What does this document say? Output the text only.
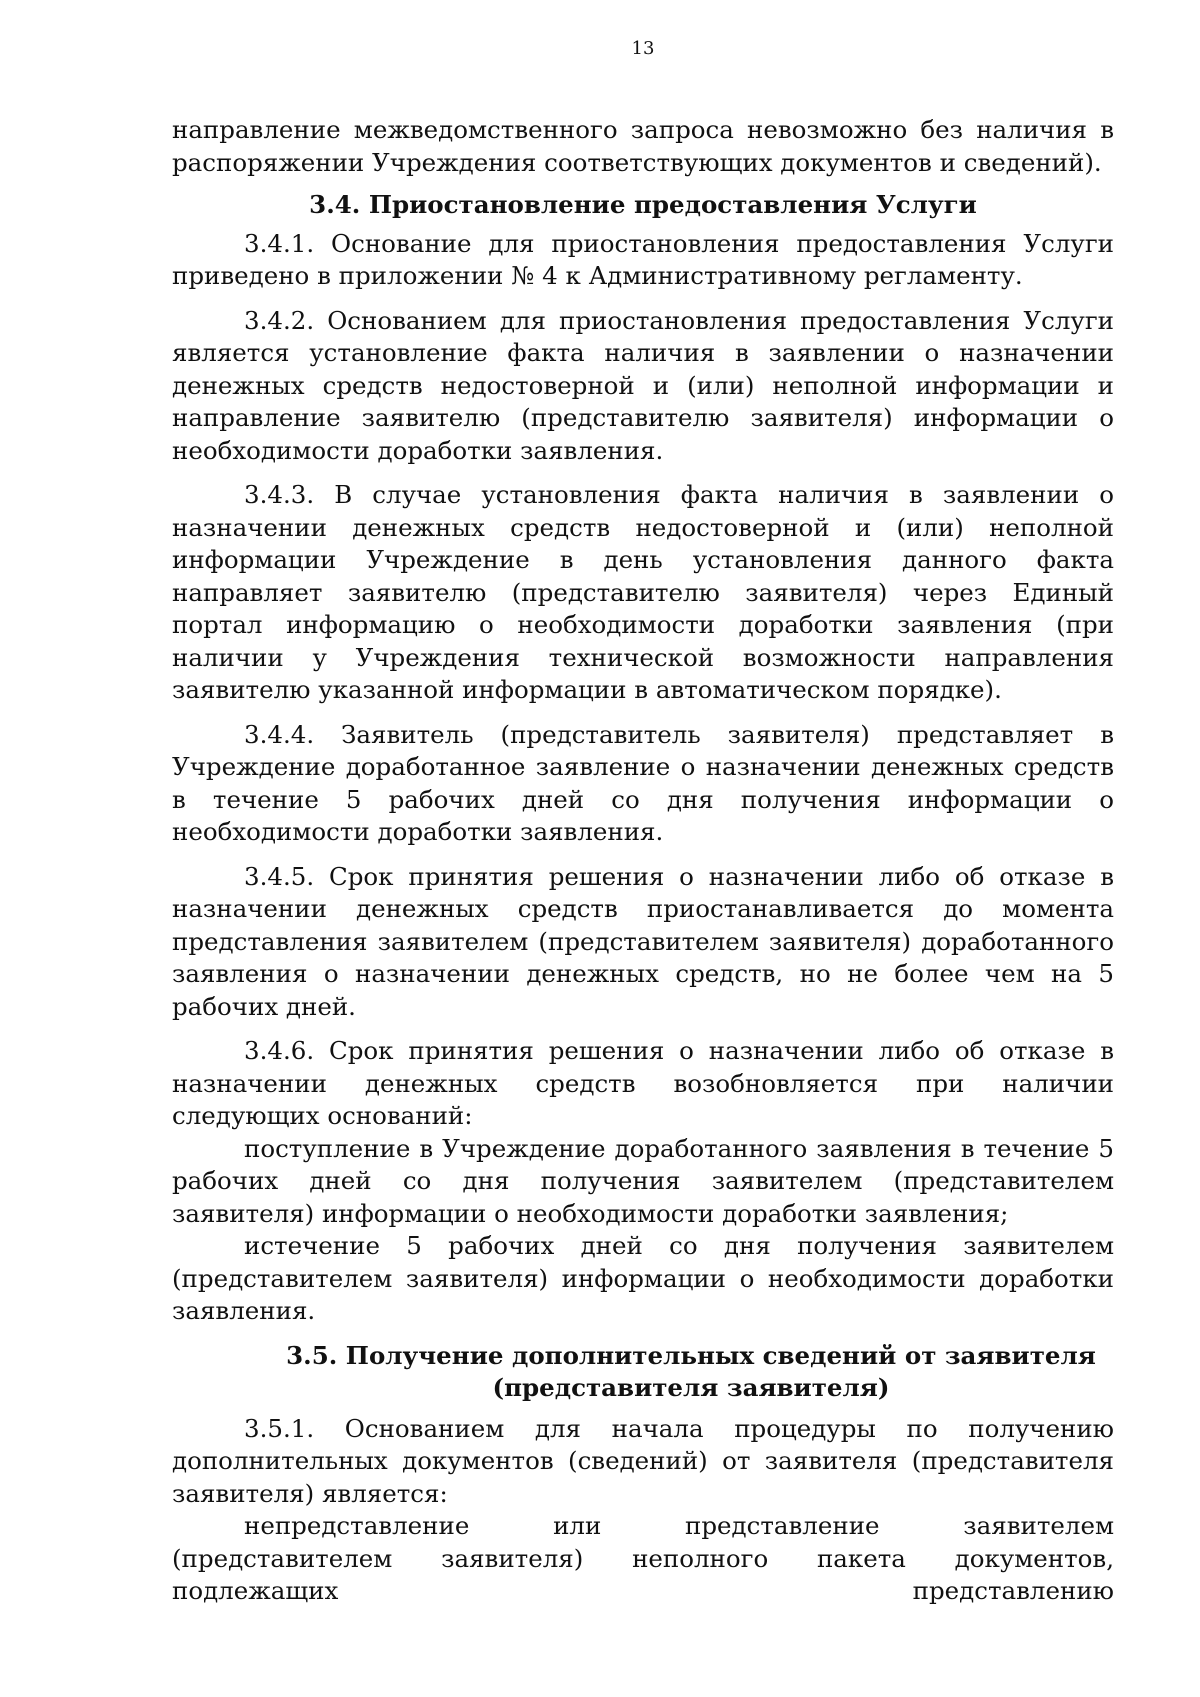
13

направление межведомственного запроса невозможно без наличия в распоряжении Учреждения соответствующих документов и сведений).

3.4. Приостановление предоставления Услуги

3.4.1. Основание для приостановления предоставления Услуги приведено в приложении № 4 к Административному регламенту.

3.4.2. Основанием для приостановления предоставления Услуги является установление факта наличия в заявлении о назначении денежных средств недостоверной и (или) неполной информации и направление заявителю (представителю заявителя) информации о необходимости доработки заявления.

3.4.3. В случае установления факта наличия в заявлении о назначении денежных средств недостоверной и (или) неполной информации Учреждение в день установления данного факта направляет заявителю (представителю заявителя) через Единый портал информацию о необходимости доработки заявления (при наличии у Учреждения технической возможности направления заявителю указанной информации в автоматическом порядке).

3.4.4. Заявитель (представитель заявителя) представляет в Учреждение доработанное заявление о назначении денежных средств в течение 5 рабочих дней со дня получения информации о необходимости доработки заявления.

3.4.5. Срок принятия решения о назначении либо об отказе в назначении денежных средств приостанавливается до момента представления заявителем (представителем заявителя) доработанного заявления о назначении денежных средств, но не более чем на 5 рабочих дней.

3.4.6. Срок принятия решения о назначении либо об отказе в назначении денежных средств возобновляется при наличии следующих оснований:

поступление в Учреждение доработанного заявления в течение 5 рабочих дней со дня получения заявителем (представителем заявителя) информации о необходимости доработки заявления;

истечение 5 рабочих дней со дня получения заявителем (представителем заявителя) информации о необходимости доработки заявления.

3.5. Получение дополнительных сведений от заявителя
(представителя заявителя)

3.5.1. Основанием для начала процедуры по получению дополнительных документов (сведений) от заявителя (представителя заявителя) является:

непредставление или представление заявителем (представителем заявителя) неполного пакета документов, подлежащих представлению
